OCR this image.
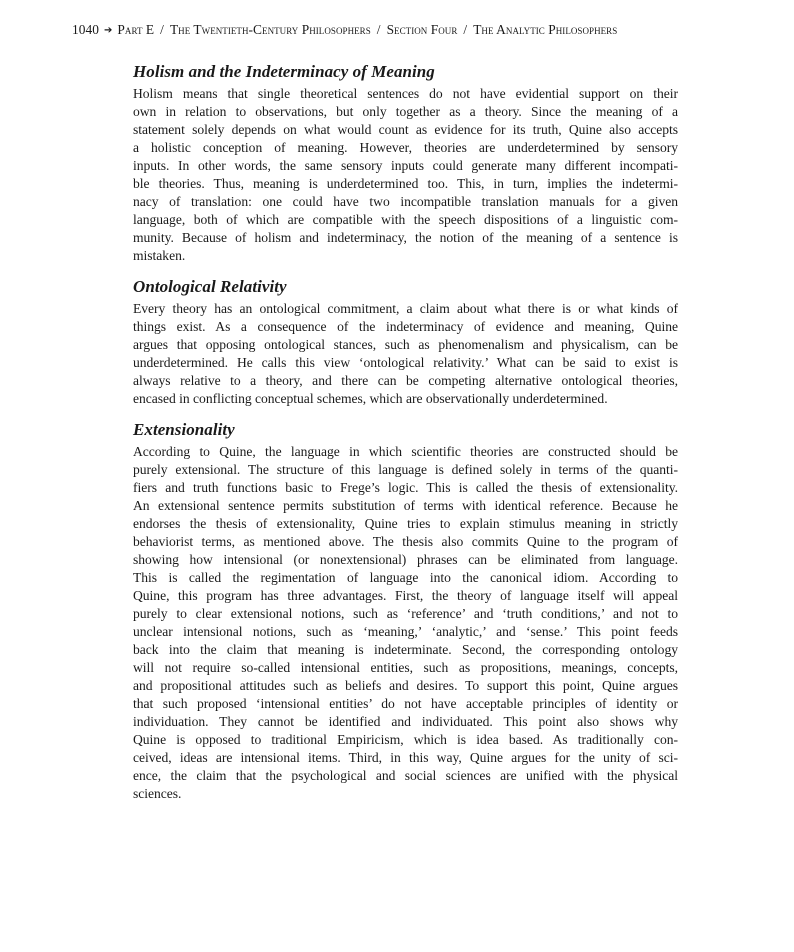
1040 ➔ Part E / The Twentieth-Century Philosophers / Section Four / The Analytic Philosophers
Holism and the Indeterminacy of Meaning
Holism means that single theoretical sentences do not have evidential support on their
own in relation to observations, but only together as a theory. Since the meaning of a
statement solely depends on what would count as evidence for its truth, Quine also accepts
a holistic conception of meaning. However, theories are underdetermined by sensory
inputs. In other words, the same sensory inputs could generate many different incompati-
ble theories. Thus, meaning is underdetermined too. This, in turn, implies the indetermi-
nacy of translation: one could have two incompatible translation manuals for a given
language, both of which are compatible with the speech dispositions of a linguistic com-
munity. Because of holism and indeterminacy, the notion of the meaning of a sentence is
mistaken.
Ontological Relativity
Every theory has an ontological commitment, a claim about what there is or what kinds of
things exist. As a consequence of the indeterminacy of evidence and meaning, Quine
argues that opposing ontological stances, such as phenomenalism and physicalism, can be
underdetermined. He calls this view ‘ontological relativity.’ What can be said to exist is
always relative to a theory, and there can be competing alternative ontological theories,
encased in conflicting conceptual schemes, which are observationally underdetermined.
Extensionality
According to Quine, the language in which scientific theories are constructed should be
purely extensional. The structure of this language is defined solely in terms of the quanti-
fiers and truth functions basic to Frege’s logic. This is called the thesis of extensionality.
An extensional sentence permits substitution of terms with identical reference. Because he
endorses the thesis of extensionality, Quine tries to explain stimulus meaning in strictly
behaviorist terms, as mentioned above. The thesis also commits Quine to the program of
showing how intensional (or nonextensional) phrases can be eliminated from language.
This is called the regimentation of language into the canonical idiom. According to
Quine, this program has three advantages. First, the theory of language itself will appeal
purely to clear extensional notions, such as ‘reference’ and ‘truth conditions,’ and not to
unclear intensional notions, such as ‘meaning,’ ‘analytic,’ and ‘sense.’ This point feeds
back into the claim that meaning is indeterminate. Second, the corresponding ontology
will not require so-called intensional entities, such as propositions, meanings, concepts,
and propositional attitudes such as beliefs and desires. To support this point, Quine argues
that such proposed ‘intensional entities’ do not have acceptable principles of identity or
individuation. They cannot be identified and individuated. This point also shows why
Quine is opposed to traditional Empiricism, which is idea based. As traditionally con-
ceived, ideas are intensional items. Third, in this way, Quine argues for the unity of sci-
ence, the claim that the psychological and social sciences are unified with the physical
sciences.
